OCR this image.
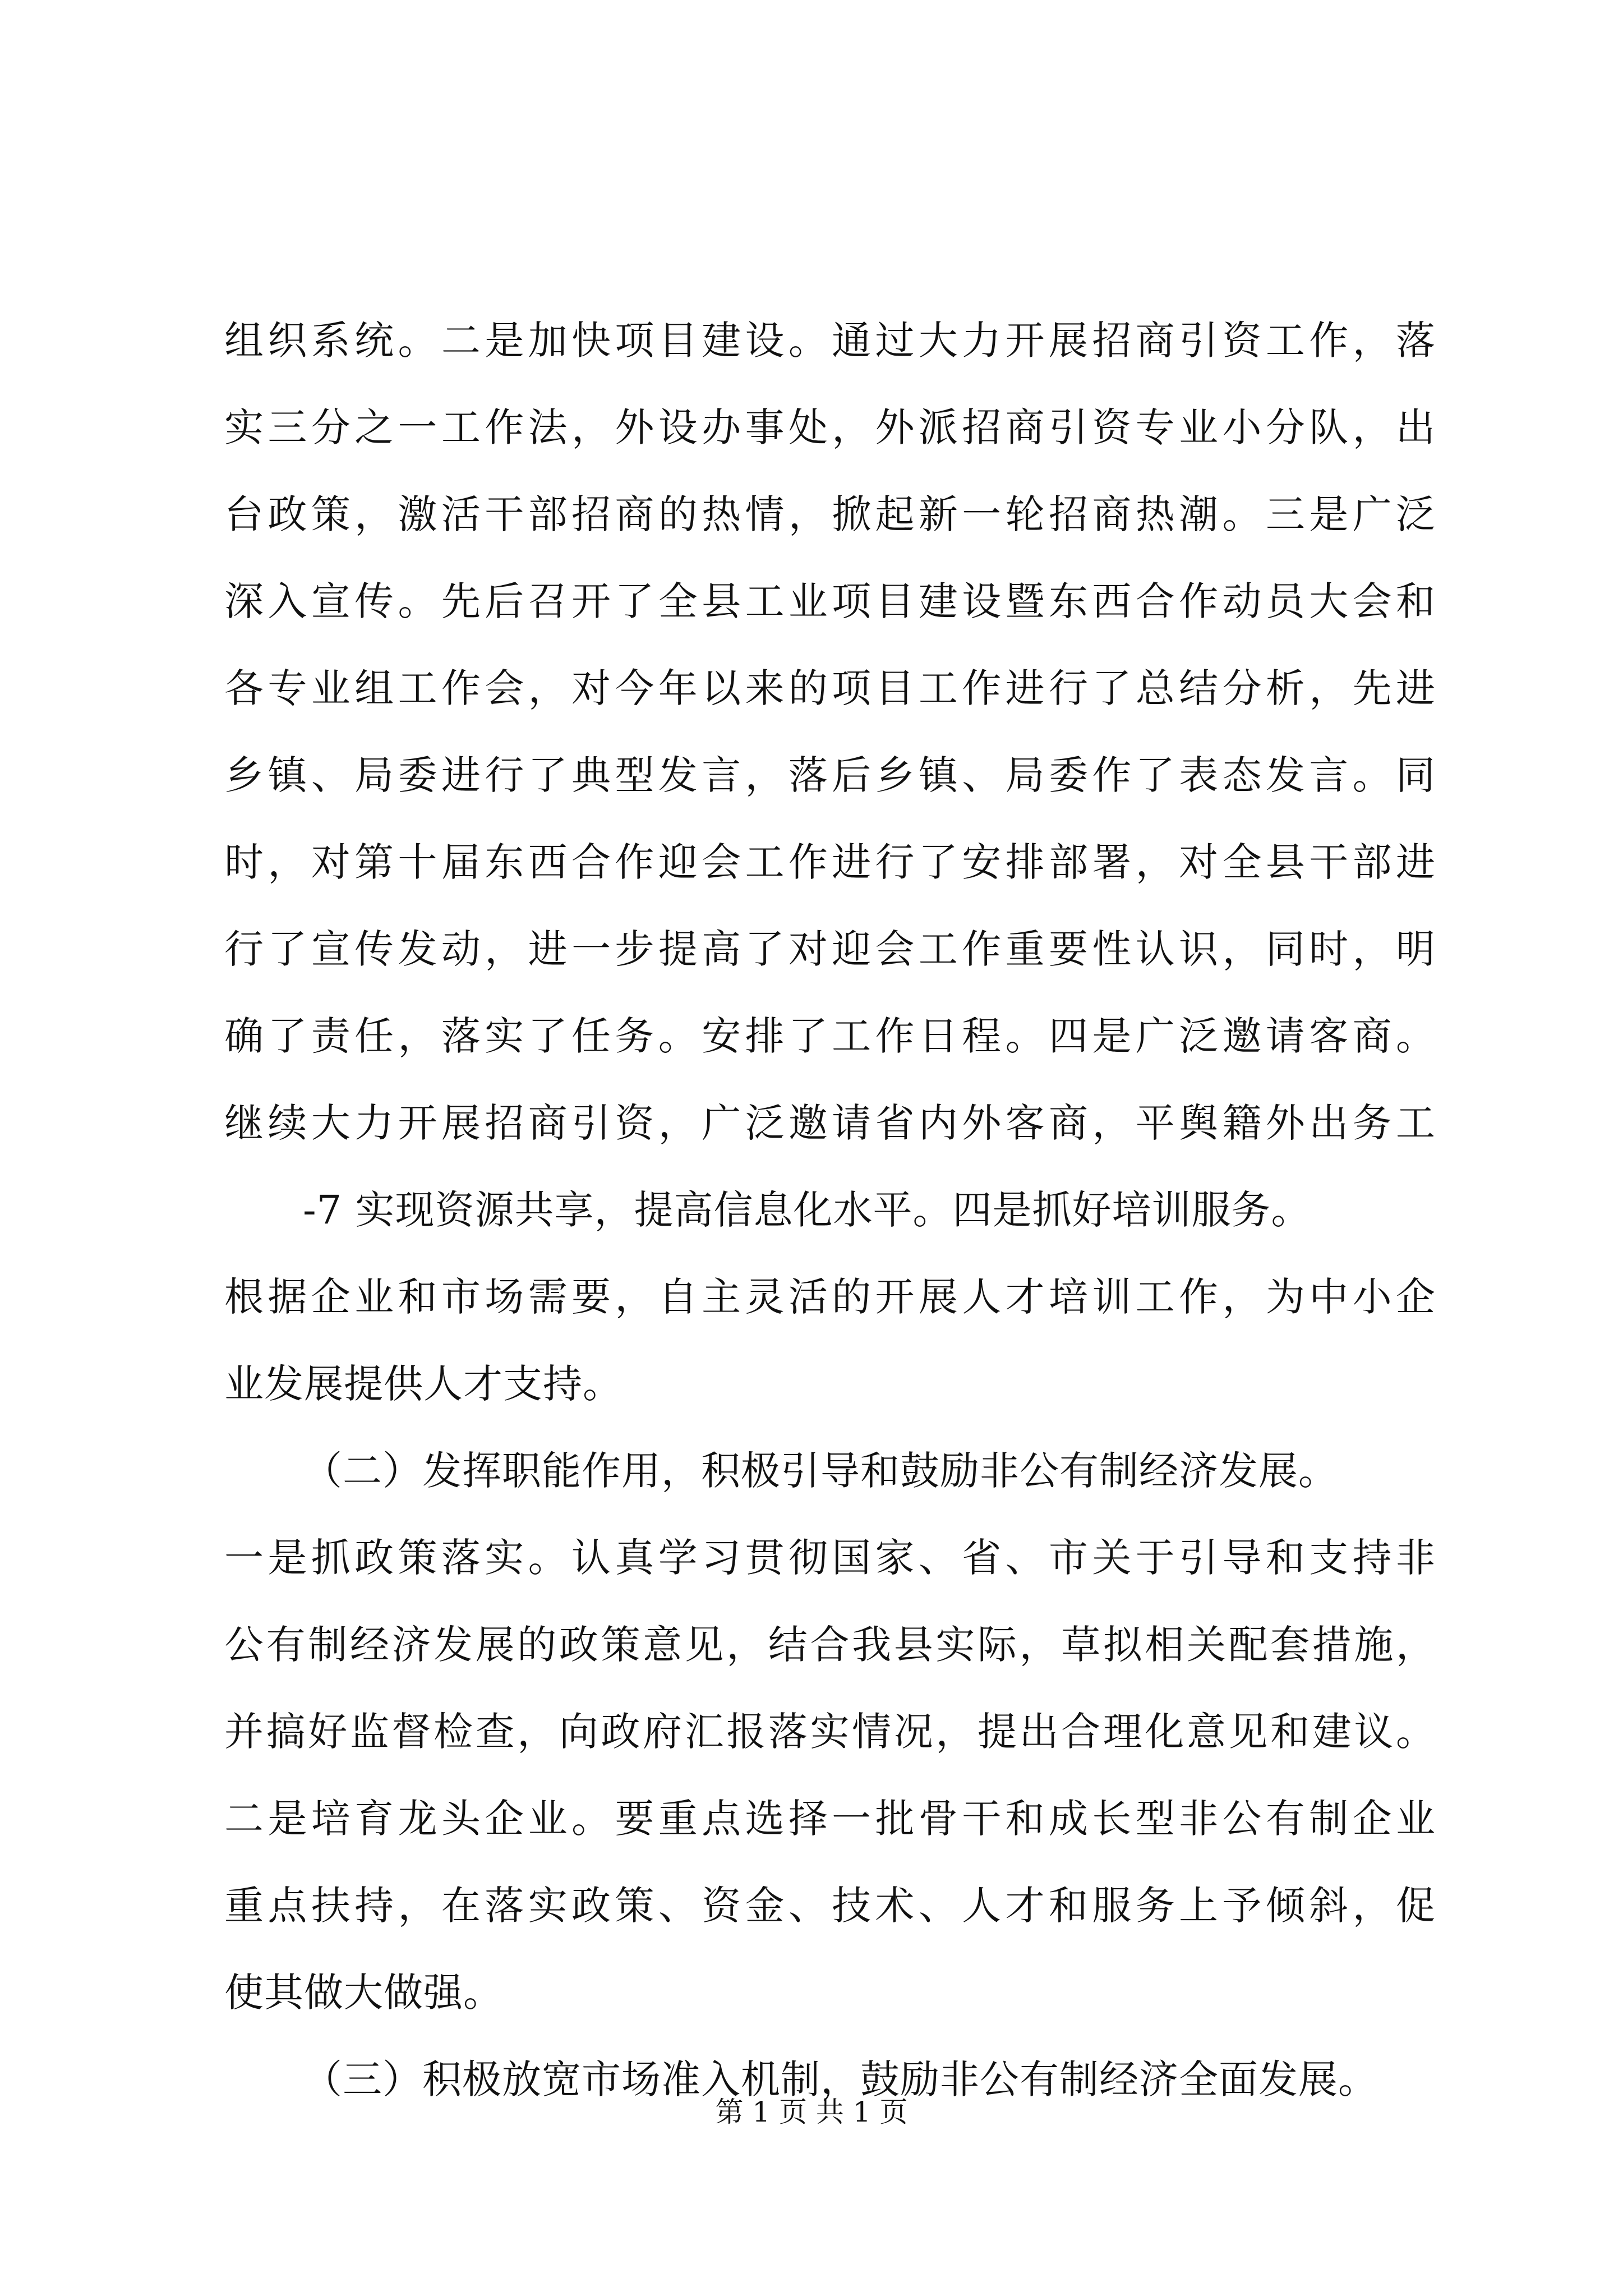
组织系统。二是加快项目建设。通过大力开展招商引资工作，落
实三分之一工作法，外设办事处，外派招商引资专业小分队，出
台政策，激活干部招商的热情，掀起新一轮招商热潮。三是广泛
深入宣传。先后召开了全县工业项目建设暨东西合作动员大会和
各专业组工作会，对今年以来的项目工作进行了总结分析，先进
乡镇、局委进行了典型发言，落后乡镇、局委作了表态发言。同
时，对第十届东西合作迎会工作进行了安排部署，对全县干部进
行了宣传发动，进一步提高了对迎会工作重要性认识，同时，明
确了责任，落实了任务。安排了工作日程。四是广泛邀请客商。
继续大力开展招商引资，广泛邀请省内外客商，平舆籍外出务工
-7 实现资源共享，提高信息化水平。四是抓好培训服务。
根据企业和市场需要，自主灵活的开展人才培训工作，为中小企
业发展提供人才支持。
（二）发挥职能作用，积极引导和鼓励非公有制经济发展。
一是抓政策落实。认真学习贯彻国家、省、市关于引导和支持非
公有制经济发展的政策意见，结合我县实际，草拟相关配套措施，
并搞好监督检查，向政府汇报落实情况，提出合理化意见和建议。
二是培育龙头企业。要重点选择一批骨干和成长型非公有制企业
重点扶持，在落实政策、资金、技术、人才和服务上予倾斜，促
使其做大做强。
（三）积极放宽市场准入机制，鼓励非公有制经济全面发展。
第 1 页 共 1 页
